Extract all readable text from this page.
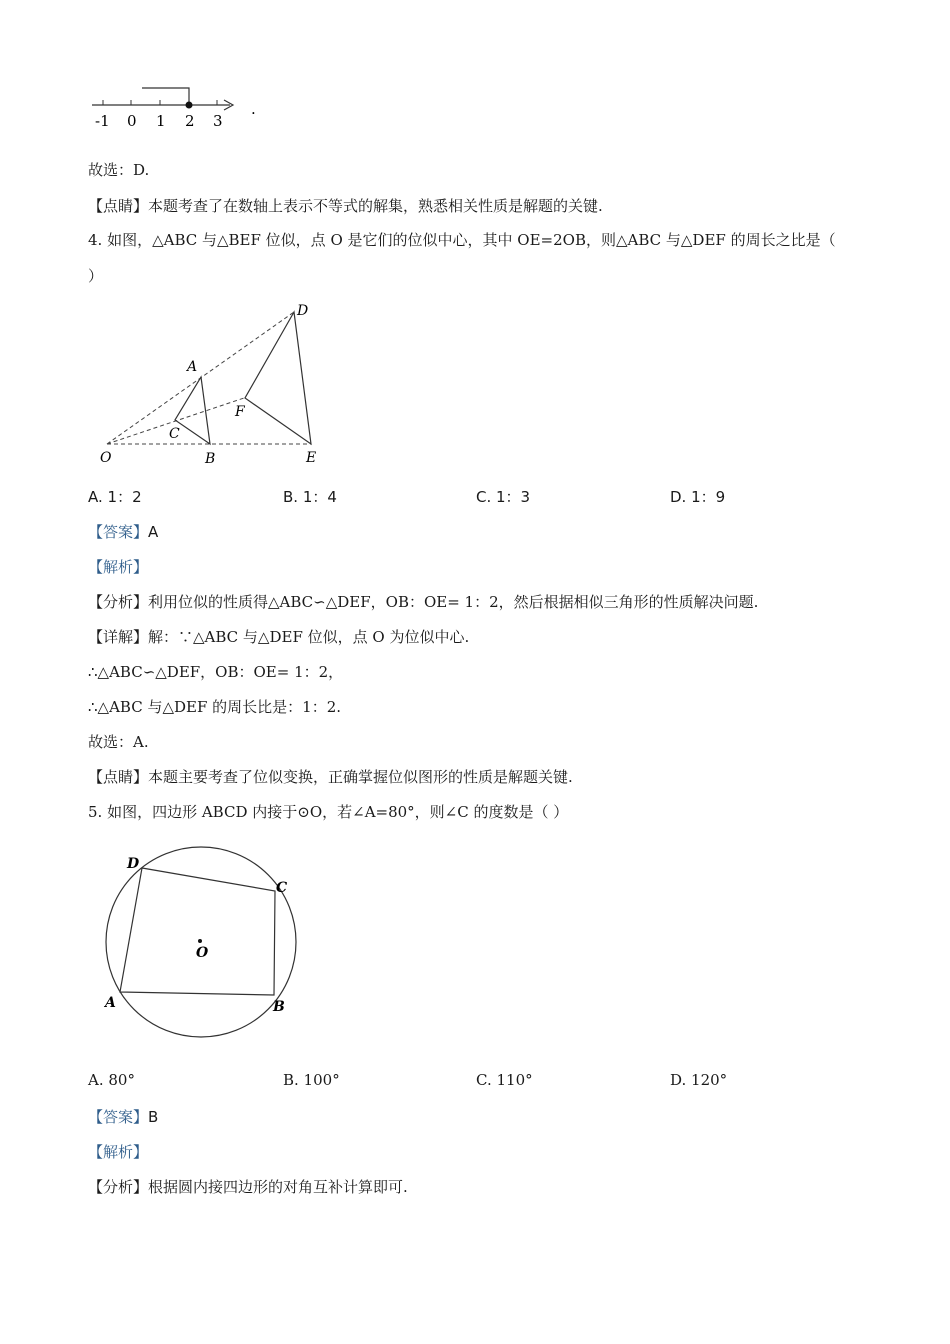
-1 0 1 2 3
.
故选：D.
【点睛】本题考查了在数轴上表示不等式的解集，熟悉相关性质是解题的关键.
4. 如图，△ABC 与△BEF 位似，点 O 是它们的位似中心，其中 OE=2OB，则△ABC 与△DEF 的周长之比是（
）
D
A
F
C
O	B	E
A. 1：2	B. 1：4	C. 1：3	D. 1：9
【答案】A
【解析】
【分析】利用位似的性质得△ABC∽△DEF，OB：OE= 1：2，然后根据相似三角形的性质解决问题.
【详解】解：∵△ABC 与△DEF 位似，点 O 为位似中心.
∴△ABC∽△DEF，OB：OE= 1：2，
∴△ABC 与△DEF 的周长比是：1：2.
故选：A.
【点睛】本题主要考查了位似变换，正确掌握位似图形的性质是解题关键.
5. 如图，四边形 ABCD 内接于⊙O，若∠A=80°，则∠C 的度数是（ ）
D
C
O
A	B
A. 80°	B. 100°	C. 110°	D. 120°
【答案】B
【解析】
【分析】根据圆内接四边形的对角互补计算即可.
